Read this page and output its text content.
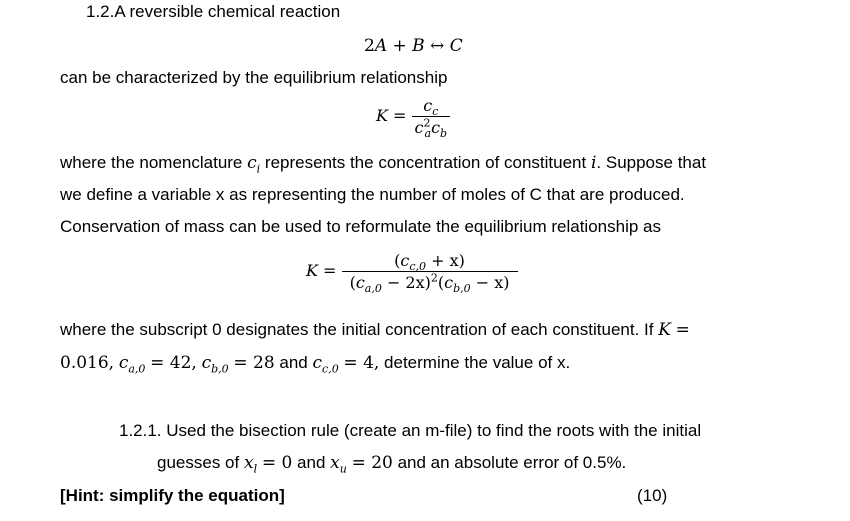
1.2.A reversible chemical reaction
2A + B ↔ C
can be characterized by the equilibrium relationship
$K = \frac{c_c}{c^2_ac_b}$
where the nomenclature $c_i$ represents the concentration of constituent i. Suppose that
we define a variable x as representing the number of moles of C that are produced.
Conservation of mass can be used to reformulate the equilibrium relationship as
$K = \frac{(c_{c,0} + x)}{(c_{a,0} - 2x)^2(c_{b,0} - x)}$
where the subscript 0 designates the initial concentration of each constituent. If K =
0.016, $c_{a,0} = 42$, $c_{b,0} = 28$ and $c_{c,0} = 4$, determine the value of x.
1.2.1. Used the bisection rule (create an m-file) to find the roots with the initial
guesses of $x_l = 0$ and $x_u = 20$ and an absolute error of 0.5%.
[Hint: simplify the equation]	(10)
